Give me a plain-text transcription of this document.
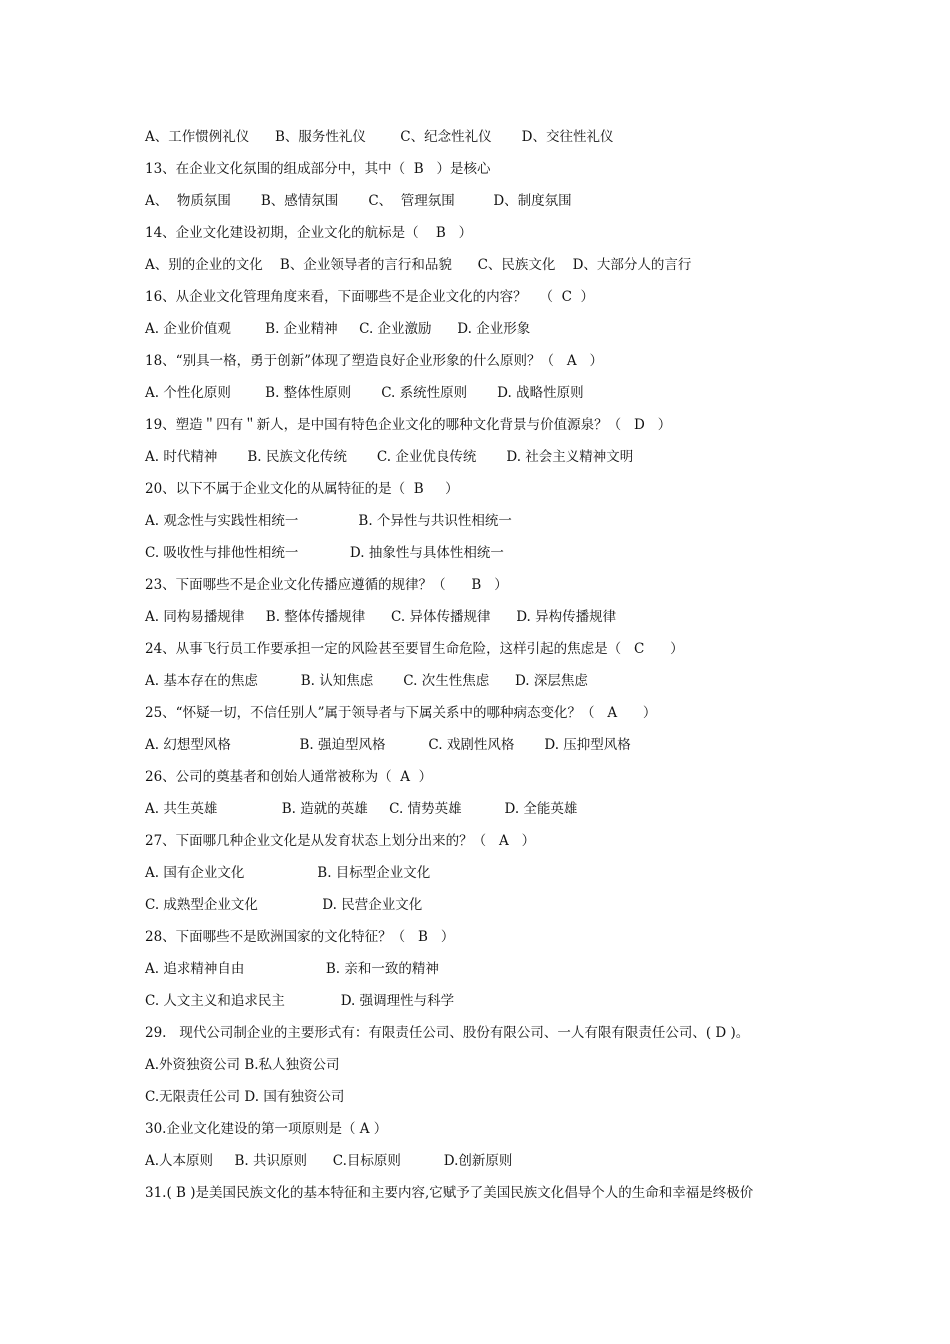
A、工作惯例礼仪      B、服务性礼仪        C、纪念性礼仪       D、交往性礼仪
13、在企业文化氛围的组成部分中，其中（  B   ）是核心
A、  物质氛围       B、感情氛围       C、  管理氛围         D、制度氛围
14、企业文化建设初期，企业文化的航标是（    B   ）
A、别的企业的文化    B、企业领导者的言行和品貌      C、民族文化    D、大部分人的言行
16、从企业文化管理角度来看，下面哪些不是企业文化的内容？   （  C  ）
A. 企业价值观        B. 企业精神     C. 企业激励      D. 企业形象
18、“别具一格，勇于创新”体现了塑造良好企业形象的什么原则？（   A   ）
A. 个性化原则        B. 整体性原则       C. 系统性原则       D. 战略性原则
19、塑造＂四有＂新人，是中国有特色企业文化的哪种文化背景与价值源泉？（   D   ）
A. 时代精神       B. 民族文化传统       C. 企业优良传统       D. 社会主义精神文明
20、以下不属于企业文化的从属特征的是（  B     ）
A. 观念性与实践性相统一              B. 个异性与共识性相统一
C. 吸收性与排他性相统一            D. 抽象性与具体性相统一
23、下面哪些不是企业文化传播应遵循的规律？（      B   ）
A. 同构易播规律     B. 整体传播规律      C. 异体传播规律      D. 异构传播规律
24、从事飞行员工作要承担一定的风险甚至要冒生命危险，这样引起的焦虑是（   C      ）
A. 基本存在的焦虑          B. 认知焦虑       C. 次生性焦虑      D. 深层焦虑
25、“怀疑一切，不信任别人”属于领导者与下属关系中的哪种病态变化？（   A      ）
A. 幻想型风格                B. 强迫型风格          C. 戏剧性风格       D. 压抑型风格
26、公司的奠基者和创始人通常被称为（  A  ）
A. 共生英雄               B. 造就的英雄     C. 情势英雄          D. 全能英雄
27、下面哪几种企业文化是从发育状态上划分出来的？（   A   ）
A. 国有企业文化                 B. 目标型企业文化
C. 成熟型企业文化               D. 民营企业文化
28、下面哪些不是欧洲国家的文化特征？（   B   ）
A. 追求精神自由                   B. 亲和一致的精神
C. 人文主义和追求民主             D. 强调理性与科学
29.   现代公司制企业的主要形式有：有限责任公司、股份有限公司、一人有限有限责任公司、( D )。
A.外资独资公司 B.私人独资公司
C.无限责任公司 D. 国有独资公司
30.企业文化建设的第一项原则是（ A ）
A.人本原则     B. 共识原则      C.目标原则          D.创新原则
31.( B )是美国民族文化的基本特征和主要内容,它赋予了美国民族文化倡导个人的生命和幸福是终极价
